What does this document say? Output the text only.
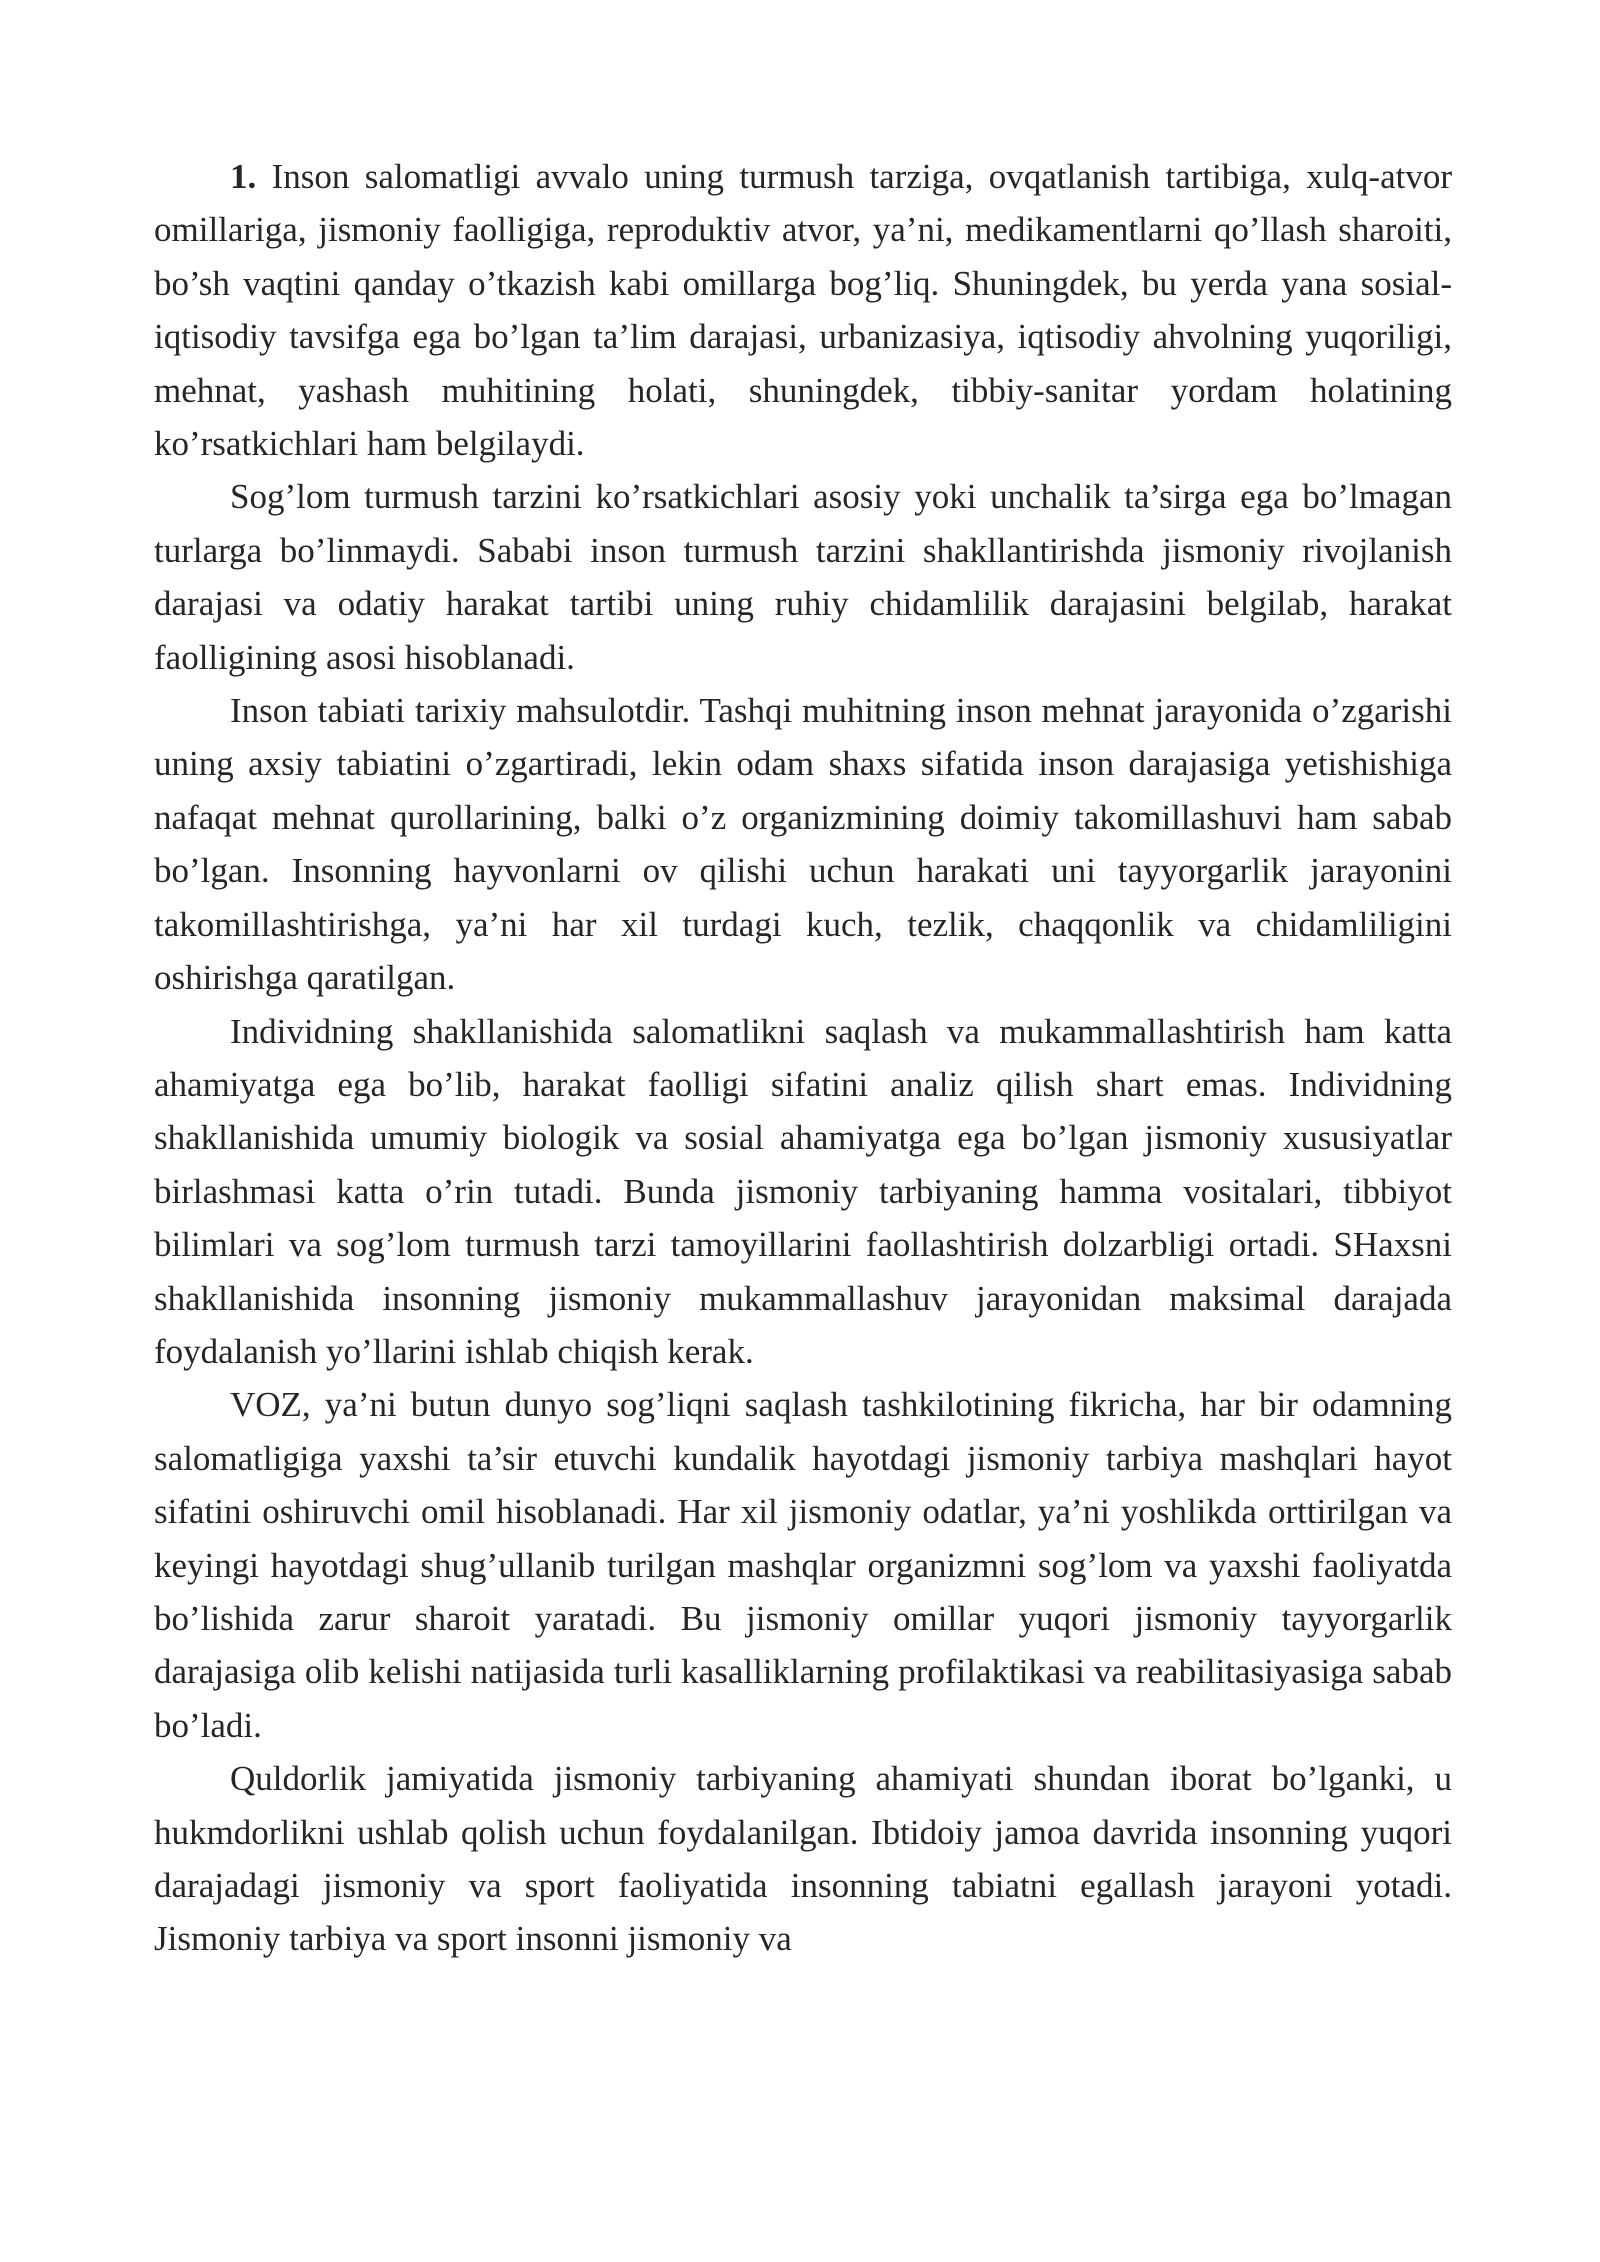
1. Inson salomatligi avvalo uning turmush tarziga, ovqatlanish tartibiga, xulq-atvor omillariga, jismoniy faolligiga, reproduktiv atvor, ya’ni, medikamentlarni qo’llash sharoiti, bo’sh vaqtini qanday o’tkazish kabi omillarga bog’liq. Shuningdek, bu yerda yana sosial-iqtisodiy tavsifga ega bo’lgan ta’lim darajasi, urbanizasiya, iqtisodiy ahvolning yuqoriligi, mehnat, yashash muhitining holati, shuningdek, tibbiy-sanitar yordam holatining ko’rsatkichlari ham belgilaydi.

Sog’lom turmush tarzini ko’rsatkichlari asosiy yoki unchalik ta’sirga ega bo’lmagan turlarga bo’linmaydi. Sababi inson turmush tarzini shakllantirishda jismoniy rivojlanish darajasi va odatiy harakat tartibi uning ruhiy chidamlilik darajasini belgilab, harakat faolligining asosi hisoblanadi.

Inson tabiati tarixiy mahsulotdir. Tashqi muhitning inson mehnat jarayonida o’zgarishi uning axsiy tabiatini o’zgartiradi, lekin odam shaxs sifatida inson darajasiga yetishishiga nafaqat mehnat qurollarining, balki o’z organizmining doimiy takomillashuvi ham sabab bo’lgan. Insonning hayvonlarni ov qilishi uchun harakati uni tayyorgarlik jarayonini takomillashtirishga, ya’ni har xil turdagi kuch, tezlik, chaqqonlik va chidamliligini oshirishga qaratilgan.

Individning shakllanishida salomatlikni saqlash va mukammallashtirish ham katta ahamiyatga ega bo’lib, harakat faolligi sifatini analiz qilish shart emas. Individning shakllanishida umumiy biologik va sosial ahamiyatga ega bo’lgan jismoniy xususiyatlar birlashmasi katta o’rin tutadi. Bunda jismoniy tarbiyaning hamma vositalari, tibbiyot bilimlari va sog’lom turmush tarzi tamoyillarini faollashtirish dolzarbligi ortadi. SHaxsni shakllanishida insonning jismoniy mukammallashuv jarayonidan maksimal darajada foydalanish yo’llarini ishlab chiqish kerak.

VOZ, ya’ni butun dunyo sog’liqni saqlash tashkilotining fikricha, har bir odamning salomatligiga yaxshi ta’sir etuvchi kundalik hayotdagi jismoniy tarbiya mashqlari hayot sifatini oshiruvchi omil hisoblanadi. Har xil jismoniy odatlar, ya’ni yoshlikda orttirilgan va keyingi hayotdagi shug’ullanib turilgan mashqlar organizmni sog’lom va yaxshi faoliyatda bo’lishida zarur sharoit yaratadi. Bu jismoniy omillar yuqori jismoniy tayyorgarlik darajasiga olib kelishi natijasida turli kasalliklarning profilaktikasi va reabilitasiyasiga sabab bo’ladi.

Quldorlik jamiyatida jismoniy tarbiyaning ahamiyati shundan iborat bo’lganki, u hukmdorlikni ushlab qolish uchun foydalanilgan. Ibtidoiy jamoa davrida insonning yuqori darajadagi jismoniy va sport faoliyatida insonning tabiatni egallash jarayoni yotadi. Jismoniy tarbiya va sport insonni jismoniy va
